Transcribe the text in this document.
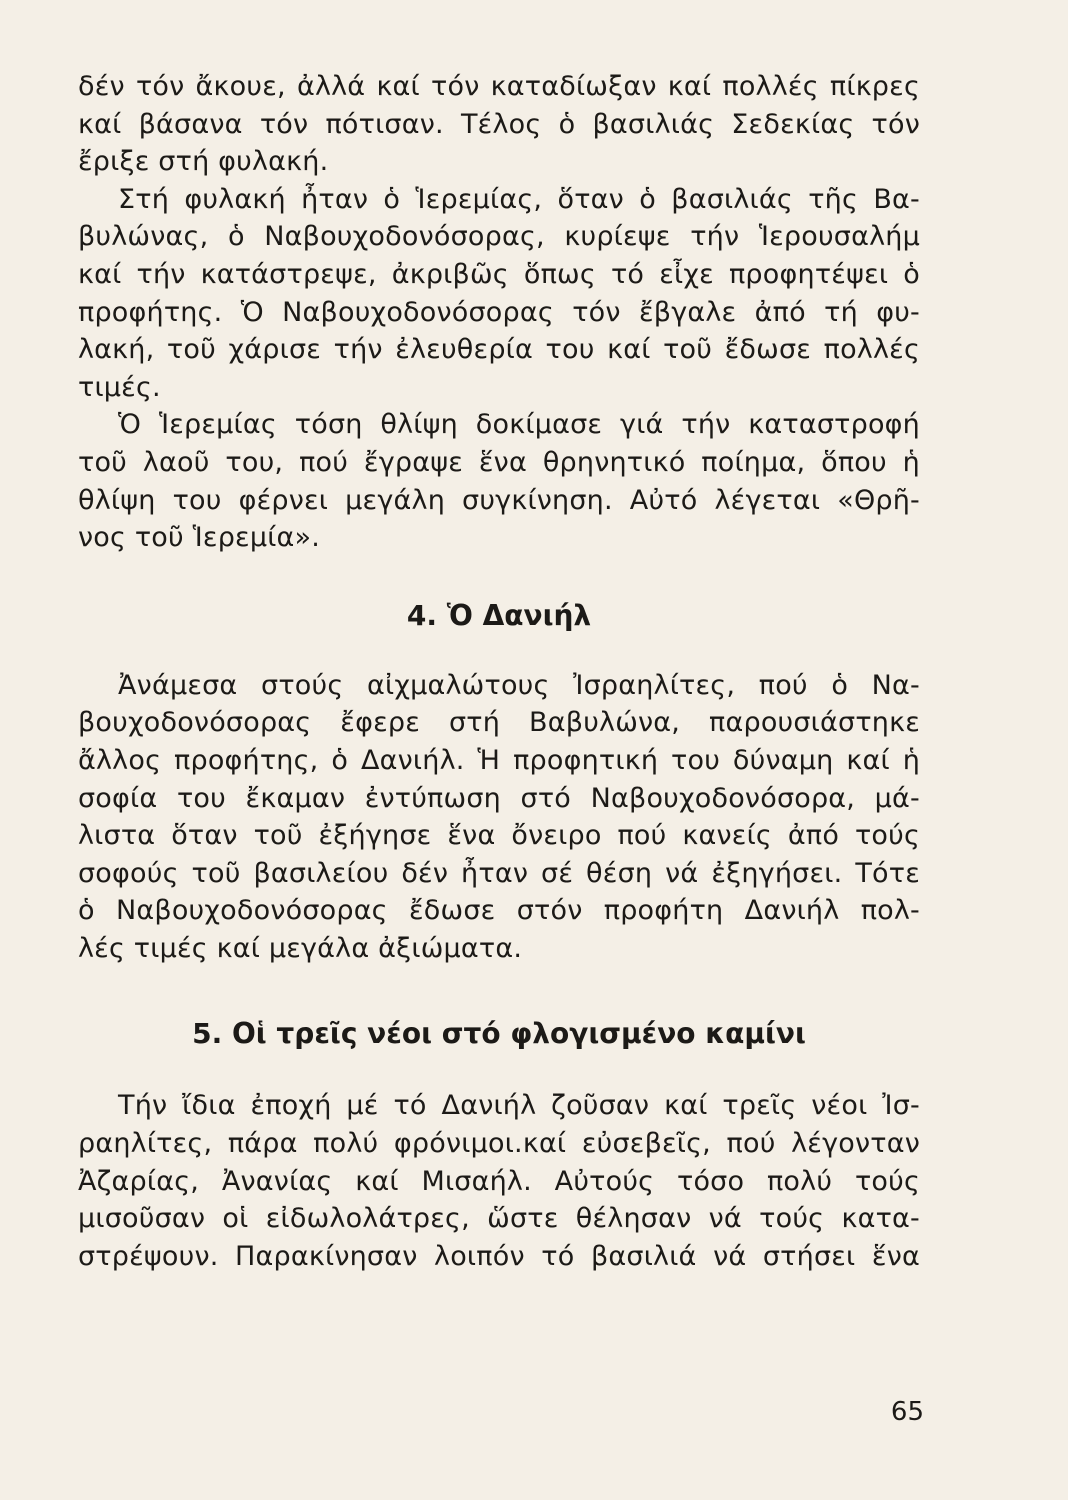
δέν τόν ἄκουε, ἀλλά καί τόν καταδίωξαν καί πολλές πίκρες
καί βάσανα τόν πότισαν. Τέλος ὁ βασιλιάς Σεδεκίας τόν
ἔριξε στή φυλακή.
Στή φυλακή ἦταν ὁ Ἱερεμίας, ὅταν ὁ βασιλιάς τῆς Βα-
βυλώνας, ὁ Ναβουχοδονόσορας, κυρίεψε τήν Ἱερουσαλήμ
καί τήν κατάστρεψε, ἀκριβῶς ὅπως τό εἶχε προφητέψει ὁ
προφήτης. Ὁ Ναβουχοδονόσορας τόν ἔβγαλε ἀπό τή φυ-
λακή, τοῦ χάρισε τήν ἐλευθερία του καί τοῦ ἔδωσε πολλές
τιμές.
Ὁ Ἱερεμίας τόση θλίψη δοκίμασε γιά τήν καταστροφή
τοῦ λαοῦ του, πού ἔγραψε ἕνα θρηνητικό ποίημα, ὅπου ἡ
θλίψη του φέρνει μεγάλη συγκίνηση. Αὐτό λέγεται «Θρῆ-
νος τοῦ Ἱερεμία».
4. Ὁ Δανιήλ
Ἀνάμεσα στούς αἰχμαλώτους Ἰσραηλίτες, πού ὁ Να-
βουχοδονόσορας ἔφερε στή Βαβυλώνα, παρουσιάστηκε
ἄλλος προφήτης, ὁ Δανιήλ. Ἡ προφητική του δύναμη καί ἡ
σοφία του ἔκαμαν ἐντύπωση στό Ναβουχοδονόσορα, μά-
λιστα ὅταν τοῦ ἐξήγησε ἕνα ὄνειρο πού κανείς ἀπό τούς
σοφούς τοῦ βασιλείου δέν ἦταν σέ θέση νά ἐξηγήσει. Τότε
ὁ Ναβουχοδονόσορας ἔδωσε στόν προφήτη Δανιήλ πολ-
λές τιμές καί μεγάλα ἀξιώματα.
5. Οἱ τρεῖς νέοι στό φλογισμένο καμίνι
Τήν ἴδια ἐποχή μέ τό Δανιήλ ζοῦσαν καί τρεῖς νέοι Ἰσ-
ραηλίτες, πάρα πολύ φρόνιμοι.καί εὐσεβεῖς, πού λέγονταν
Ἀζαρίας, Ἀνανίας καί Μισαήλ. Αὐτούς τόσο πολύ τούς
μισοῦσαν οἱ εἰδωλολάτρες, ὥστε θέλησαν νά τούς κατα-
στρέψουν. Παρακίνησαν λοιπόν τό βασιλιά νά στήσει ἕνα
65
